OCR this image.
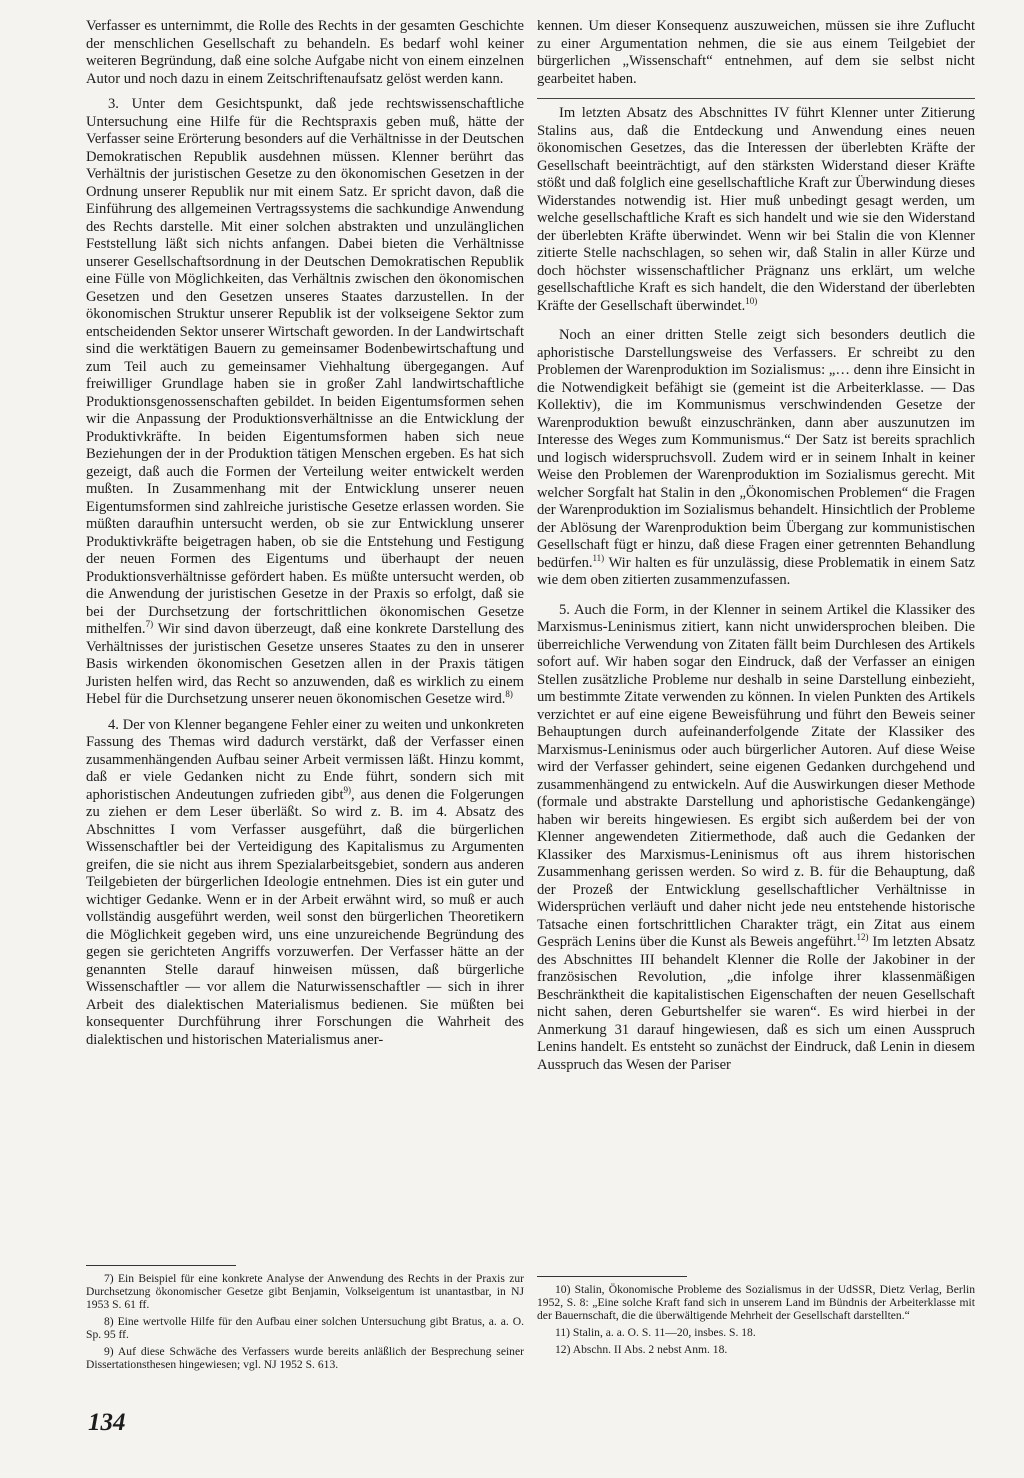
Verfasser es unternimmt, die Rolle des Rechts in der gesamten Geschichte der menschlichen Gesellschaft zu behandeln. Es bedarf wohl keiner weiteren Begründung, daß eine solche Aufgabe nicht von einem einzelnen Autor und noch dazu in einem Zeitschriftenaufsatz gelöst werden kann.

3. Unter dem Gesichtspunkt, daß jede rechtswissenschaftliche Untersuchung eine Hilfe für die Rechtspraxis geben muß, hätte der Verfasser seine Erörterung besonders auf die Verhältnisse in der Deutschen Demokratischen Republik ausdehnen müssen. Klenner berührt das Verhältnis der juristischen Gesetze zu den ökonomischen Gesetzen in der Ordnung unserer Republik nur mit einem Satz. Er spricht davon, daß die Einführung des allgemeinen Vertragssystems die sachkundige Anwendung des Rechts darstelle. Mit einer solchen abstrakten und unzulänglichen Feststellung läßt sich nichts anfangen. Dabei bieten die Verhältnisse unserer Gesellschaftsordnung in der Deutschen Demokratischen Republik eine Fülle von Möglichkeiten, das Verhältnis zwischen den ökonomischen Gesetzen und den Gesetzen unseres Staates darzustellen. In der ökonomischen Struktur unserer Republik ist der volkseigene Sektor zum entscheidenden Sektor unserer Wirtschaft geworden. In der Landwirtschaft sind die werktätigen Bauern zu gemeinsamer Bodenbewirtschaftung und zum Teil auch zu gemeinsamer Viehhaltung übergegangen. Auf freiwilliger Grundlage haben sie in großer Zahl landwirtschaftliche Produktionsgenossenschaften gebildet. In beiden Eigentumsformen sehen wir die Anpassung der Produktionsverhältnisse an die Entwicklung der Produktivkräfte. In beiden Eigentumsformen haben sich neue Beziehungen der in der Produktion tätigen Menschen ergeben. Es hat sich gezeigt, daß auch die Formen der Verteilung weiter entwickelt werden mußten. In Zusammenhang mit der Entwicklung unserer neuen Eigentumsformen sind zahlreiche juristische Gesetze erlassen worden. Sie müßten daraufhin untersucht werden, ob sie zur Entwicklung unserer Produktivkräfte beigetragen haben, ob sie die Entstehung und Festigung der neuen Formen des Eigentums und überhaupt der neuen Produktionsverhältnisse gefördert haben. Es müßte untersucht werden, ob die Anwendung der juristischen Gesetze in der Praxis so erfolgt, daß sie bei der Durchsetzung der fortschrittlichen ökonomischen Gesetze mithelfen.$^{7)}$ Wir sind davon überzeugt, daß eine konkrete Darstellung des Verhältnisses der juristischen Gesetze unseres Staates zu den in unserer Basis wirkenden ökonomischen Gesetzen allen in der Praxis tätigen Juristen helfen wird, das Recht so anzuwenden, daß es wirklich zu einem Hebel für die Durchsetzung unserer neuen ökonomischen Gesetze wird.$^{8)}$

4. Der von Klenner begangene Fehler einer zu weiten und unkonkreten Fassung des Themas wird dadurch verstärkt, daß der Verfasser einen zusammenhängenden Aufbau seiner Arbeit vermissen läßt. Hinzu kommt, daß er viele Gedanken nicht zu Ende führt, sondern sich mit aphoristischen Andeutungen zufrieden gibt$^{9)}$, aus denen die Folgerungen zu ziehen er dem Leser überläßt. So wird z. B. im 4. Absatz des Abschnittes I vom Verfasser ausgeführt, daß die bürgerlichen Wissenschaftler bei der Verteidigung des Kapitalismus zu Argumenten greifen, die sie nicht aus ihrem Spezialarbeitsgebiet, sondern aus anderen Teilgebieten der bürgerlichen Ideologie entnehmen. Dies ist ein guter und wichtiger Gedanke. Wenn er in der Arbeit erwähnt wird, so muß er auch vollständig ausgeführt werden, weil sonst den bürgerlichen Theoretikern die Möglichkeit gegeben wird, uns eine unzureichende Begründung des gegen sie gerichteten Angriffs vorzuwerfen. Der Verfasser hätte an der genannten Stelle darauf hinweisen müssen, daß bürgerliche Wissenschaftler — vor allem die Naturwissenschaftler — sich in ihrer Arbeit des dialektischen Materialismus bedienen. Sie müßten bei konsequenter Durchführung ihrer Forschungen die Wahrheit des dialektischen und historischen Materialismus aner-

kennen. Um dieser Konsequenz auszuweichen, müssen sie ihre Zuflucht zu einer Argumentation nehmen, die sie aus einem Teilgebiet der bürgerlichen „Wissenschaft“ entnehmen, auf dem sie selbst nicht gearbeitet haben.

Im letzten Absatz des Abschnittes IV führt Klenner unter Zitierung Stalins aus, daß die Entdeckung und Anwendung eines neuen ökonomischen Gesetzes, das die Interessen der überlebten Kräfte der Gesellschaft beeinträchtigt, auf den stärksten Widerstand dieser Kräfte stößt und daß folglich eine gesellschaftliche Kraft zur Überwindung dieses Widerstandes notwendig ist. Hier muß unbedingt gesagt werden, um welche gesellschaftliche Kraft es sich handelt und wie sie den Widerstand der überlebten Kräfte überwindet. Wenn wir bei Stalin die von Klenner zitierte Stelle nachschlagen, so sehen wir, daß Stalin in aller Kürze und doch höchster wissenschaftlicher Prägnanz uns erklärt, um welche gesellschaftliche Kraft es sich handelt, die den Widerstand der überlebten Kräfte der Gesellschaft überwindet.$^{10)}$

Noch an einer dritten Stelle zeigt sich besonders deutlich die aphoristische Darstellungsweise des Verfassers. Er schreibt zu den Problemen der Warenproduktion im Sozialismus: „… denn ihre Einsicht in die Notwendigkeit befähigt sie (gemeint ist die Arbeiterklasse. — Das Kollektiv), die im Kommunismus verschwindenden Gesetze der Warenproduktion bewußt einzuschränken, dann aber auszunutzen im Interesse des Weges zum Kommunismus.“ Der Satz ist bereits sprachlich und logisch widerspruchsvoll. Zudem wird er in seinem Inhalt in keiner Weise den Problemen der Warenproduktion im Sozialismus gerecht. Mit welcher Sorgfalt hat Stalin in den „Ökonomischen Problemen“ die Fragen der Warenproduktion im Sozialismus behandelt. Hinsichtlich der Probleme der Ablösung der Warenproduktion beim Übergang zur kommunistischen Gesellschaft fügt er hinzu, daß diese Fragen einer getrennten Behandlung bedürfen.$^{11)}$ Wir halten es für unzulässig, diese Problematik in einem Satz wie dem oben zitierten zusammenzufassen.

5. Auch die Form, in der Klenner in seinem Artikel die Klassiker des Marxismus-Leninismus zitiert, kann nicht unwidersprochen bleiben. Die überreichliche Verwendung von Zitaten fällt beim Durchlesen des Artikels sofort auf. Wir haben sogar den Eindruck, daß der Verfasser an einigen Stellen zusätzliche Probleme nur deshalb in seine Darstellung einbezieht, um bestimmte Zitate verwenden zu können. In vielen Punkten des Artikels verzichtet er auf eine eigene Beweisführung und führt den Beweis seiner Behauptungen durch aufeinanderfolgende Zitate der Klassiker des Marxismus-Leninismus oder auch bürgerlicher Autoren. Auf diese Weise wird der Verfasser gehindert, seine eigenen Gedanken durchgehend und zusammenhängend zu entwickeln. Auf die Auswirkungen dieser Methode (formale und abstrakte Darstellung und aphoristische Gedankengänge) haben wir bereits hingewiesen. Es ergibt sich außerdem bei der von Klenner angewendeten Zitiermethode, daß auch die Gedanken der Klassiker des Marxismus-Leninismus oft aus ihrem historischen Zusammenhang gerissen werden. So wird z. B. für die Behauptung, daß der Prozeß der Entwicklung gesellschaftlicher Verhältnisse in Widersprüchen verläuft und daher nicht jede neu entstehende historische Tatsache einen fortschrittlichen Charakter trägt, ein Zitat aus einem Gespräch Lenins über die Kunst als Beweis angeführt.$^{12)}$ Im letzten Absatz des Abschnittes III behandelt Klenner die Rolle der Jakobiner in der französischen Revolution, „die infolge ihrer klassenmäßigen Beschränktheit die kapitalistischen Eigenschaften der neuen Gesellschaft nicht sahen, deren Geburtshelfer sie waren“. Es wird hierbei in der Anmerkung 31 darauf hingewiesen, daß es sich um einen Ausspruch Lenins handelt. Es entsteht so zunächst der Eindruck, daß Lenin in diesem Ausspruch das Wesen der Pariser

7) Ein Beispiel für eine konkrete Analyse der Anwendung des Rechts in der Praxis zur Durchsetzung ökonomischer Gesetze gibt Benjamin, Volkseigentum ist unantastbar, in NJ 1953 S. 61 ff.

8) Eine wertvolle Hilfe für den Aufbau einer solchen Untersuchung gibt Bratus, a. a. O. Sp. 95 ff.

9) Auf diese Schwäche des Verfassers wurde bereits anläßlich der Besprechung seiner Dissertationsthesen hingewiesen; vgl. NJ 1952 S. 613.

10) Stalin, Ökonomische Probleme des Sozialismus in der UdSSR, Dietz Verlag, Berlin 1952, S. 8: „Eine solche Kraft fand sich in unserem Land im Bündnis der Arbeiterklasse mit der Bauernschaft, die die überwältigende Mehrheit der Gesellschaft darstellten.“

11) Stalin, a. a. O. S. 11—20, insbes. S. 18.

12) Abschn. II Abs. 2 nebst Anm. 18.

134
